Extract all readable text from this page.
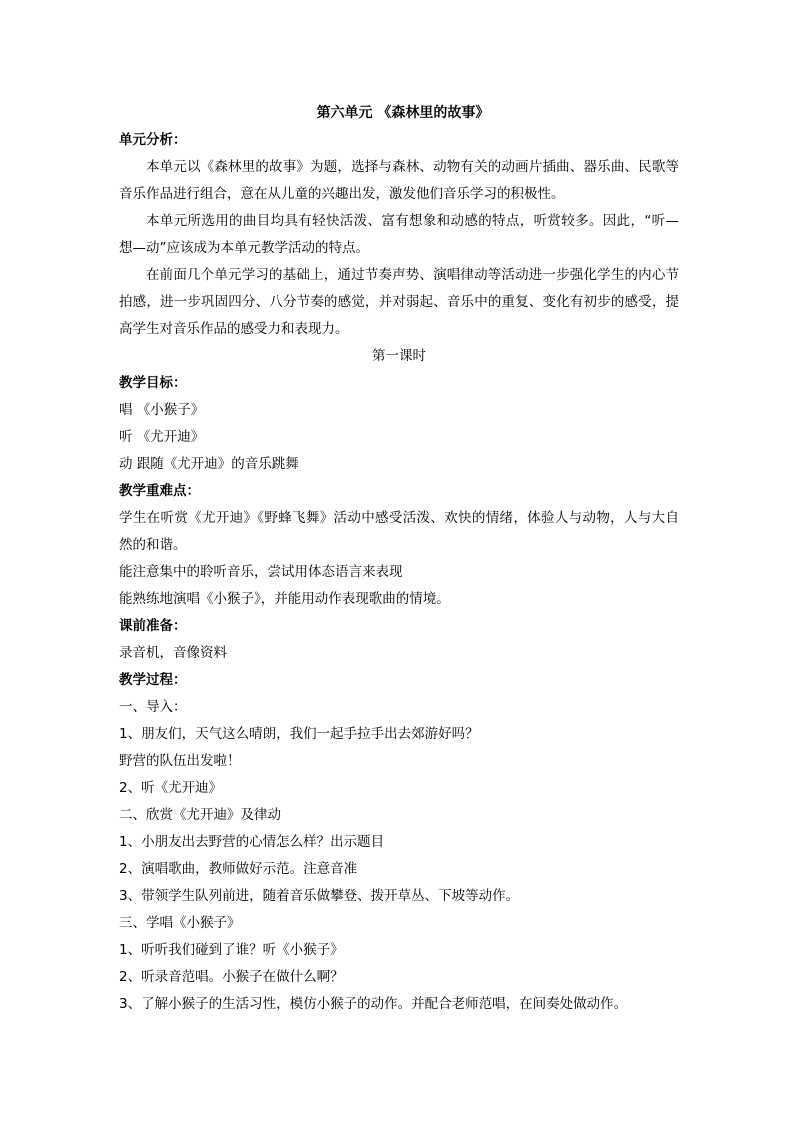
第六单元 《森林里的故事》
单元分析：

本单元以《森林里的故事》为题，选择与森林、动物有关的动画片插曲、器乐曲、民歌等音乐作品进行组合，意在从儿童的兴趣出发，激发他们音乐学习的积极性。

本单元所选用的曲目均具有轻快活泼、富有想象和动感的特点，听赏较多。因此，“听—想—动”应该成为本单元教学活动的特点。

在前面几个单元学习的基础上，通过节奏声势、演唱律动等活动进一步强化学生的内心节拍感，进一步巩固四分、八分节奏的感觉，并对弱起、音乐中的重复、变化有初步的感受，提高学生对音乐作品的感受力和表现力。

第一课时
教学目标：
唱 《小猴子》
听 《尤开迪》
动 跟随《尤开迪》的音乐跳舞
教学重难点：

学生在听赏《尤开迪》《野蜂飞舞》活动中感受活泼、欢快的情绪，体验人与动物，人与大自然的和谐。

能注意集中的聆听音乐，尝试用体态语言来表现
能熟练地演唱《小猴子》，并能用动作表现歌曲的情境。
课前准备：
录音机，音像资料
教学过程：
一、导入：
1、朋友们，天气这么晴朗，我们一起手拉手出去郊游好吗？
野营的队伍出发啦！
2、听《尤开迪》
二、欣赏《尤开迪》及律动
1、小朋友出去野营的心情怎么样？出示题目
2、演唱歌曲，教师做好示范。注意音准
3、带领学生队列前进，随着音乐做攀登、拨开草丛、下坡等动作。
三、学唱《小猴子》
1、听听我们碰到了谁？听《小猴子》
2、听录音范唱。小猴子在做什么啊？
3、了解小猴子的生活习性，模仿小猴子的动作。并配合老师范唱，在间奏处做动作。
